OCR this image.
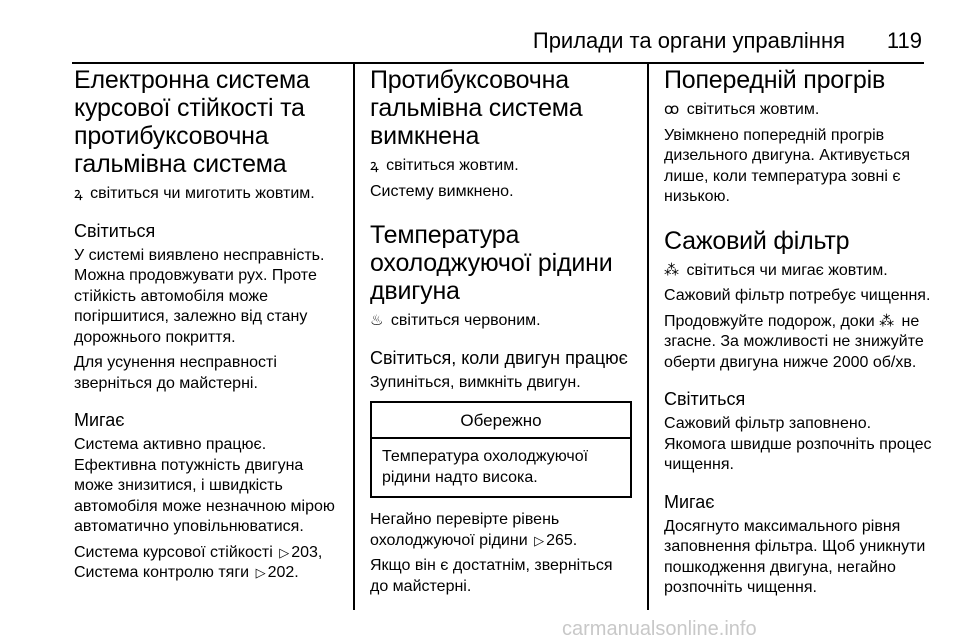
Прилади та органи управління 119
Електронна система курсової стійкості та протибуксовочна гальмівна система

ꝝ світиться чи миготить жовтим.

Світиться

У системі виявлено несправність. Можна продовжувати рух. Проте стійкість автомобіля може погіршитися, залежно від стану дорожнього покриття.

Для усунення несправності зверніться до майстерні.

Мигає

Система активно працює. Ефективна потужність двигуна може знизитися, і швидкість автомобіля може незначною мірою автоматично уповільнюватися.

Система курсової стійкості ▷ 203,
Система контролю тяги ▷ 202.

Протибуксовочна гальмівна система вимкнена

ꝝ світиться жовтим.

Систему вимкнено.

Температура охолоджуючої рідини двигуна

♨ світиться червоним.

Світиться, коли двигун працює

Зупиніться, вимкніть двигун.

Обережно
Температура охолоджуючої рідини надто висока.

Негайно перевірте рівень охолоджуючої рідини ▷ 265.

Якщо він є достатнім, зверніться до майстерні.

Попередній прогрів

ꝏ світиться жовтим.

Увімкнено попередній прогрів дизельного двигуна. Активується лише, коли температура зовні є низькою.

Сажовий фільтр

⁂ світиться чи мигає жовтим.

Сажовий фільтр потребує чищення.

Продовжуйте подорож, доки ⁂ не згасне. За можливості не знижуйте оберти двигуна нижче 2000 об/хв.

Світиться

Сажовий фільтр заповнено. Якомога швидше розпочніть процес чищення.

Мигає

Досягнуто максимального рівня заповнення фільтра. Щоб уникнути пошкодження двигуна, негайно розпочніть чищення.

carmanualsonline.info
